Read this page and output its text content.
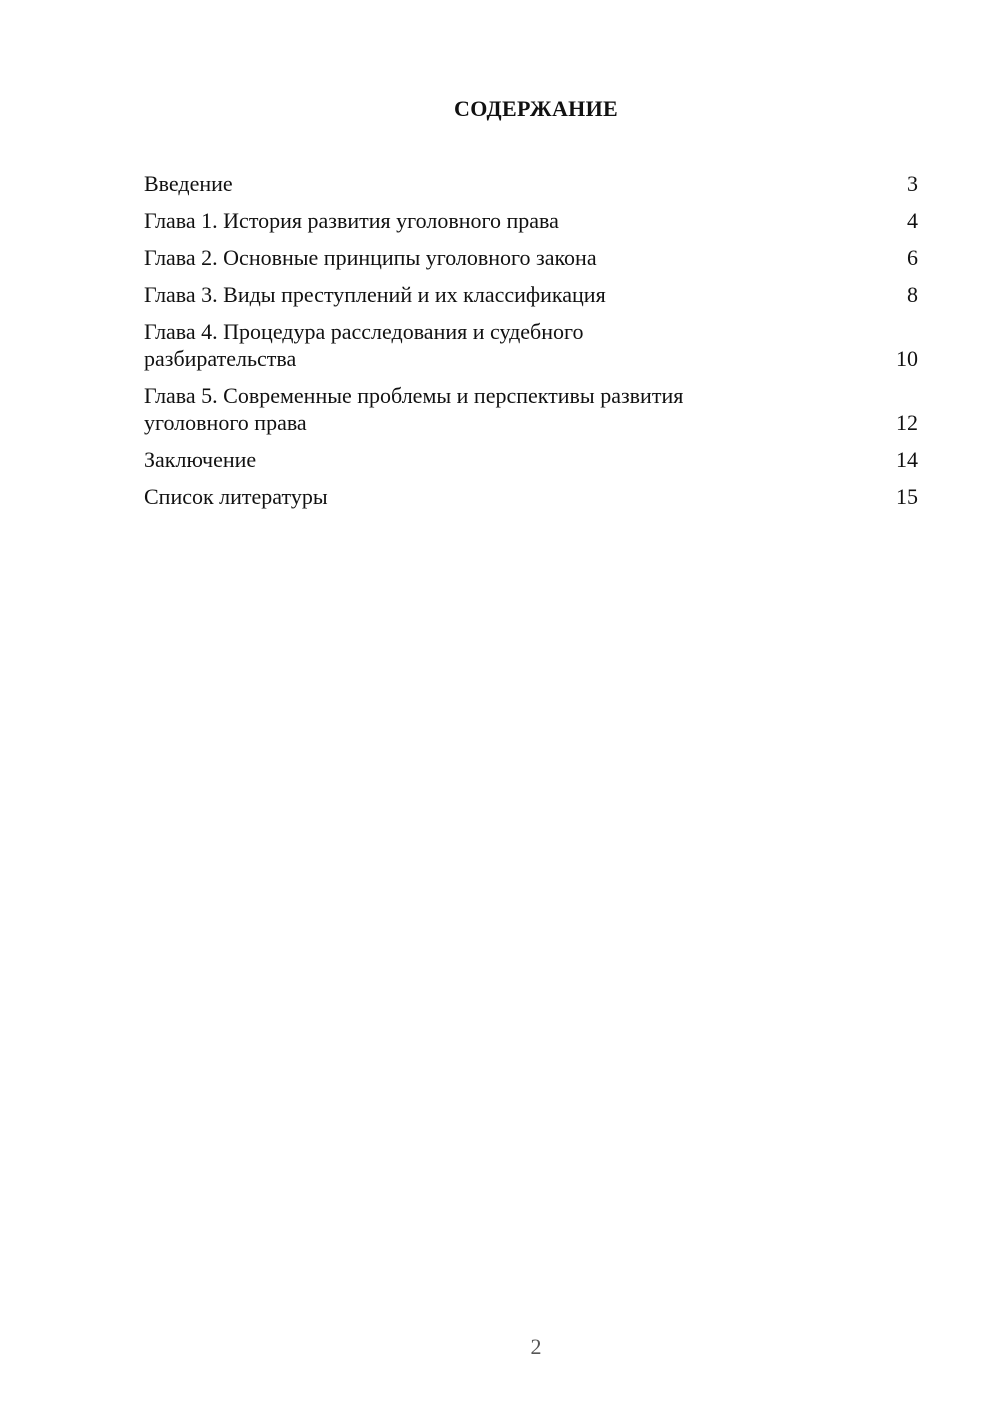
СОДЕРЖАНИЕ
Введение	3
Глава 1. История развития уголовного права	4
Глава 2. Основные принципы уголовного закона	6
Глава 3. Виды преступлений и их классификация	8
Глава 4. Процедура расследования и судебного
разбирательства	10
Глава 5. Современные проблемы и перспективы развития
уголовного права	12
Заключение	14
Список литературы	15
2
